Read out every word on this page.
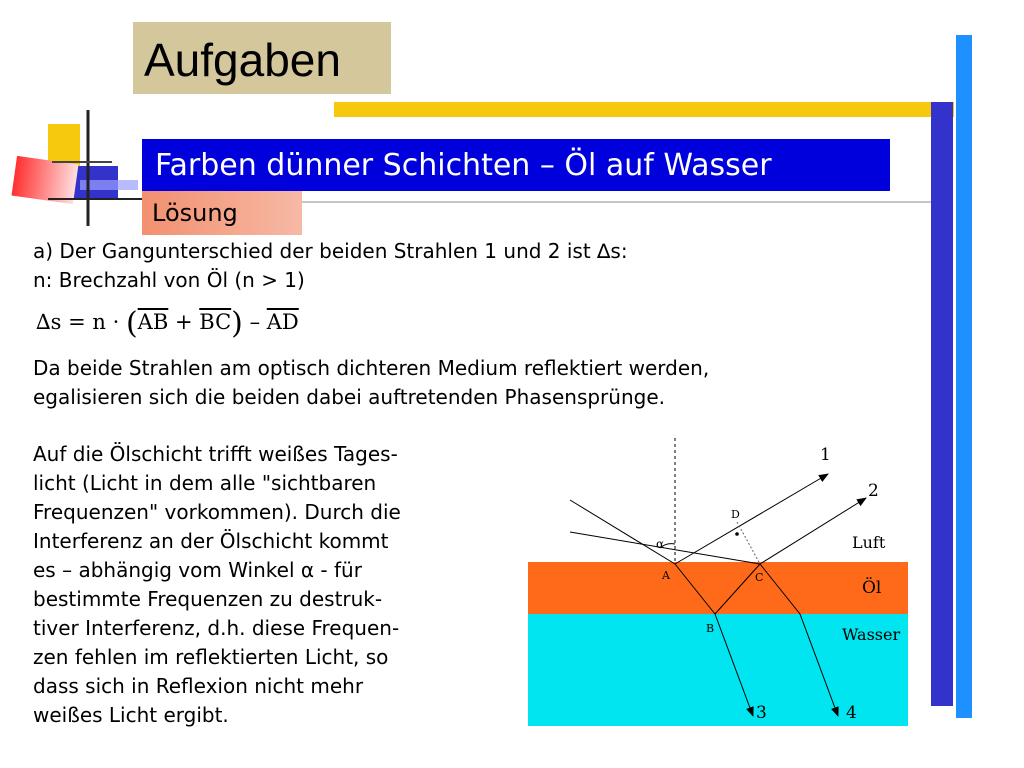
Aufgaben
Farben dünner Schichten – Öl auf Wasser
Lösung
a) Der Gangunterschied der beiden Strahlen 1 und 2 ist ∆s:
n: Brechzahl von Öl (n > 1)
$\Delta s = n \cdot (\overline{AB} + \overline{BC}) - \overline{AD}$
Da beide Strahlen am optisch dichteren Medium reflektiert werden,
egalisieren sich die beiden dabei auftretenden Phasensprünge.
Auf die Ölschicht trifft weißes Tages-
licht (Licht in dem alle "sichtbaren
Frequenzen" vorkommen). Durch die
Interferenz an der Ölschicht kommt
es – abhängig vom Winkel α - für
bestimmte Frequenzen zu destruk-
tiver Interferenz, d.h. diese Frequen-
zen fehlen im reflektierten Licht, so
dass sich in Reflexion nicht mehr
weißes Licht ergibt.
1
2
3	4
A
B
C
D
α	Luft
Öl
Wasser
